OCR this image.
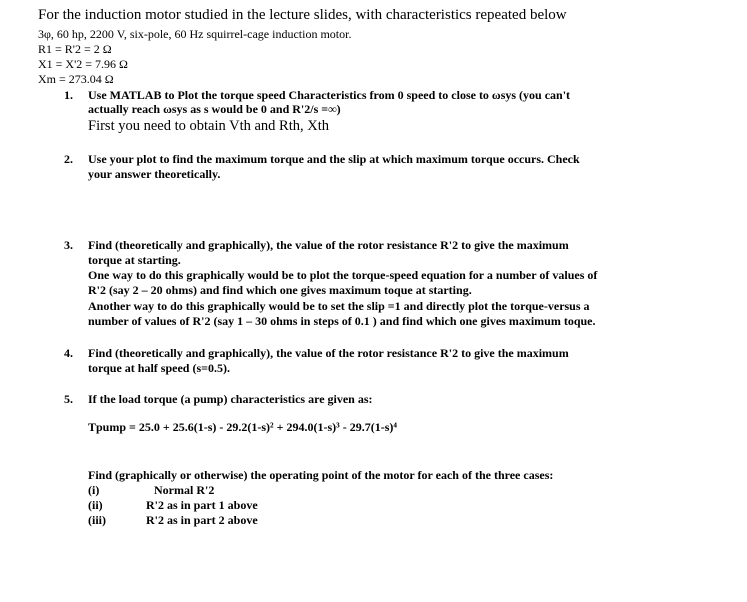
For the induction motor studied in the lecture slides, with characteristics repeated below
3φ, 60 hp, 2200 V, six-pole, 60 Hz squirrel-cage induction motor.
R1 = R'2 = 2 Ω
X1 = X'2 = 7.96 Ω
Xm = 273.04 Ω
1. Use MATLAB to Plot the torque speed Characteristics from 0 speed to close to ωsys (you can't
actually reach ωsys as s would be 0 and R'2/s =∞)
First you need to obtain Vth and Rth, Xth
2. Use your plot to find the maximum torque and the slip at which maximum torque occurs. Check
your answer theoretically.
3. Find (theoretically and graphically), the value of the rotor resistance R'2 to give the maximum
torque at starting.
One way to do this graphically would be to plot the torque-speed equation for a number of values of
R'2 (say 2 – 20 ohms) and find which one gives maximum toque at starting.
Another way to do this graphically would be to set the slip =1 and directly plot the torque-versus a
number of values of R'2 (say 1 – 30 ohms in steps of 0.1 ) and find which one gives maximum toque.
4. Find (theoretically and graphically), the value of the rotor resistance R'2 to give the maximum
torque at half speed (s=0.5).
5. If the load torque (a pump) characteristics are given as:
Tpump = 25.0 + 25.6(1-s) - 29.2(1-s)² + 294.0(1-s)³ - 29.7(1-s)⁴
Find (graphically or otherwise) the operating point of the motor for each of the three cases:
(i)	Normal R'2
(ii)	R'2 as in part 1 above
(iii)	R'2 as in part 2 above
